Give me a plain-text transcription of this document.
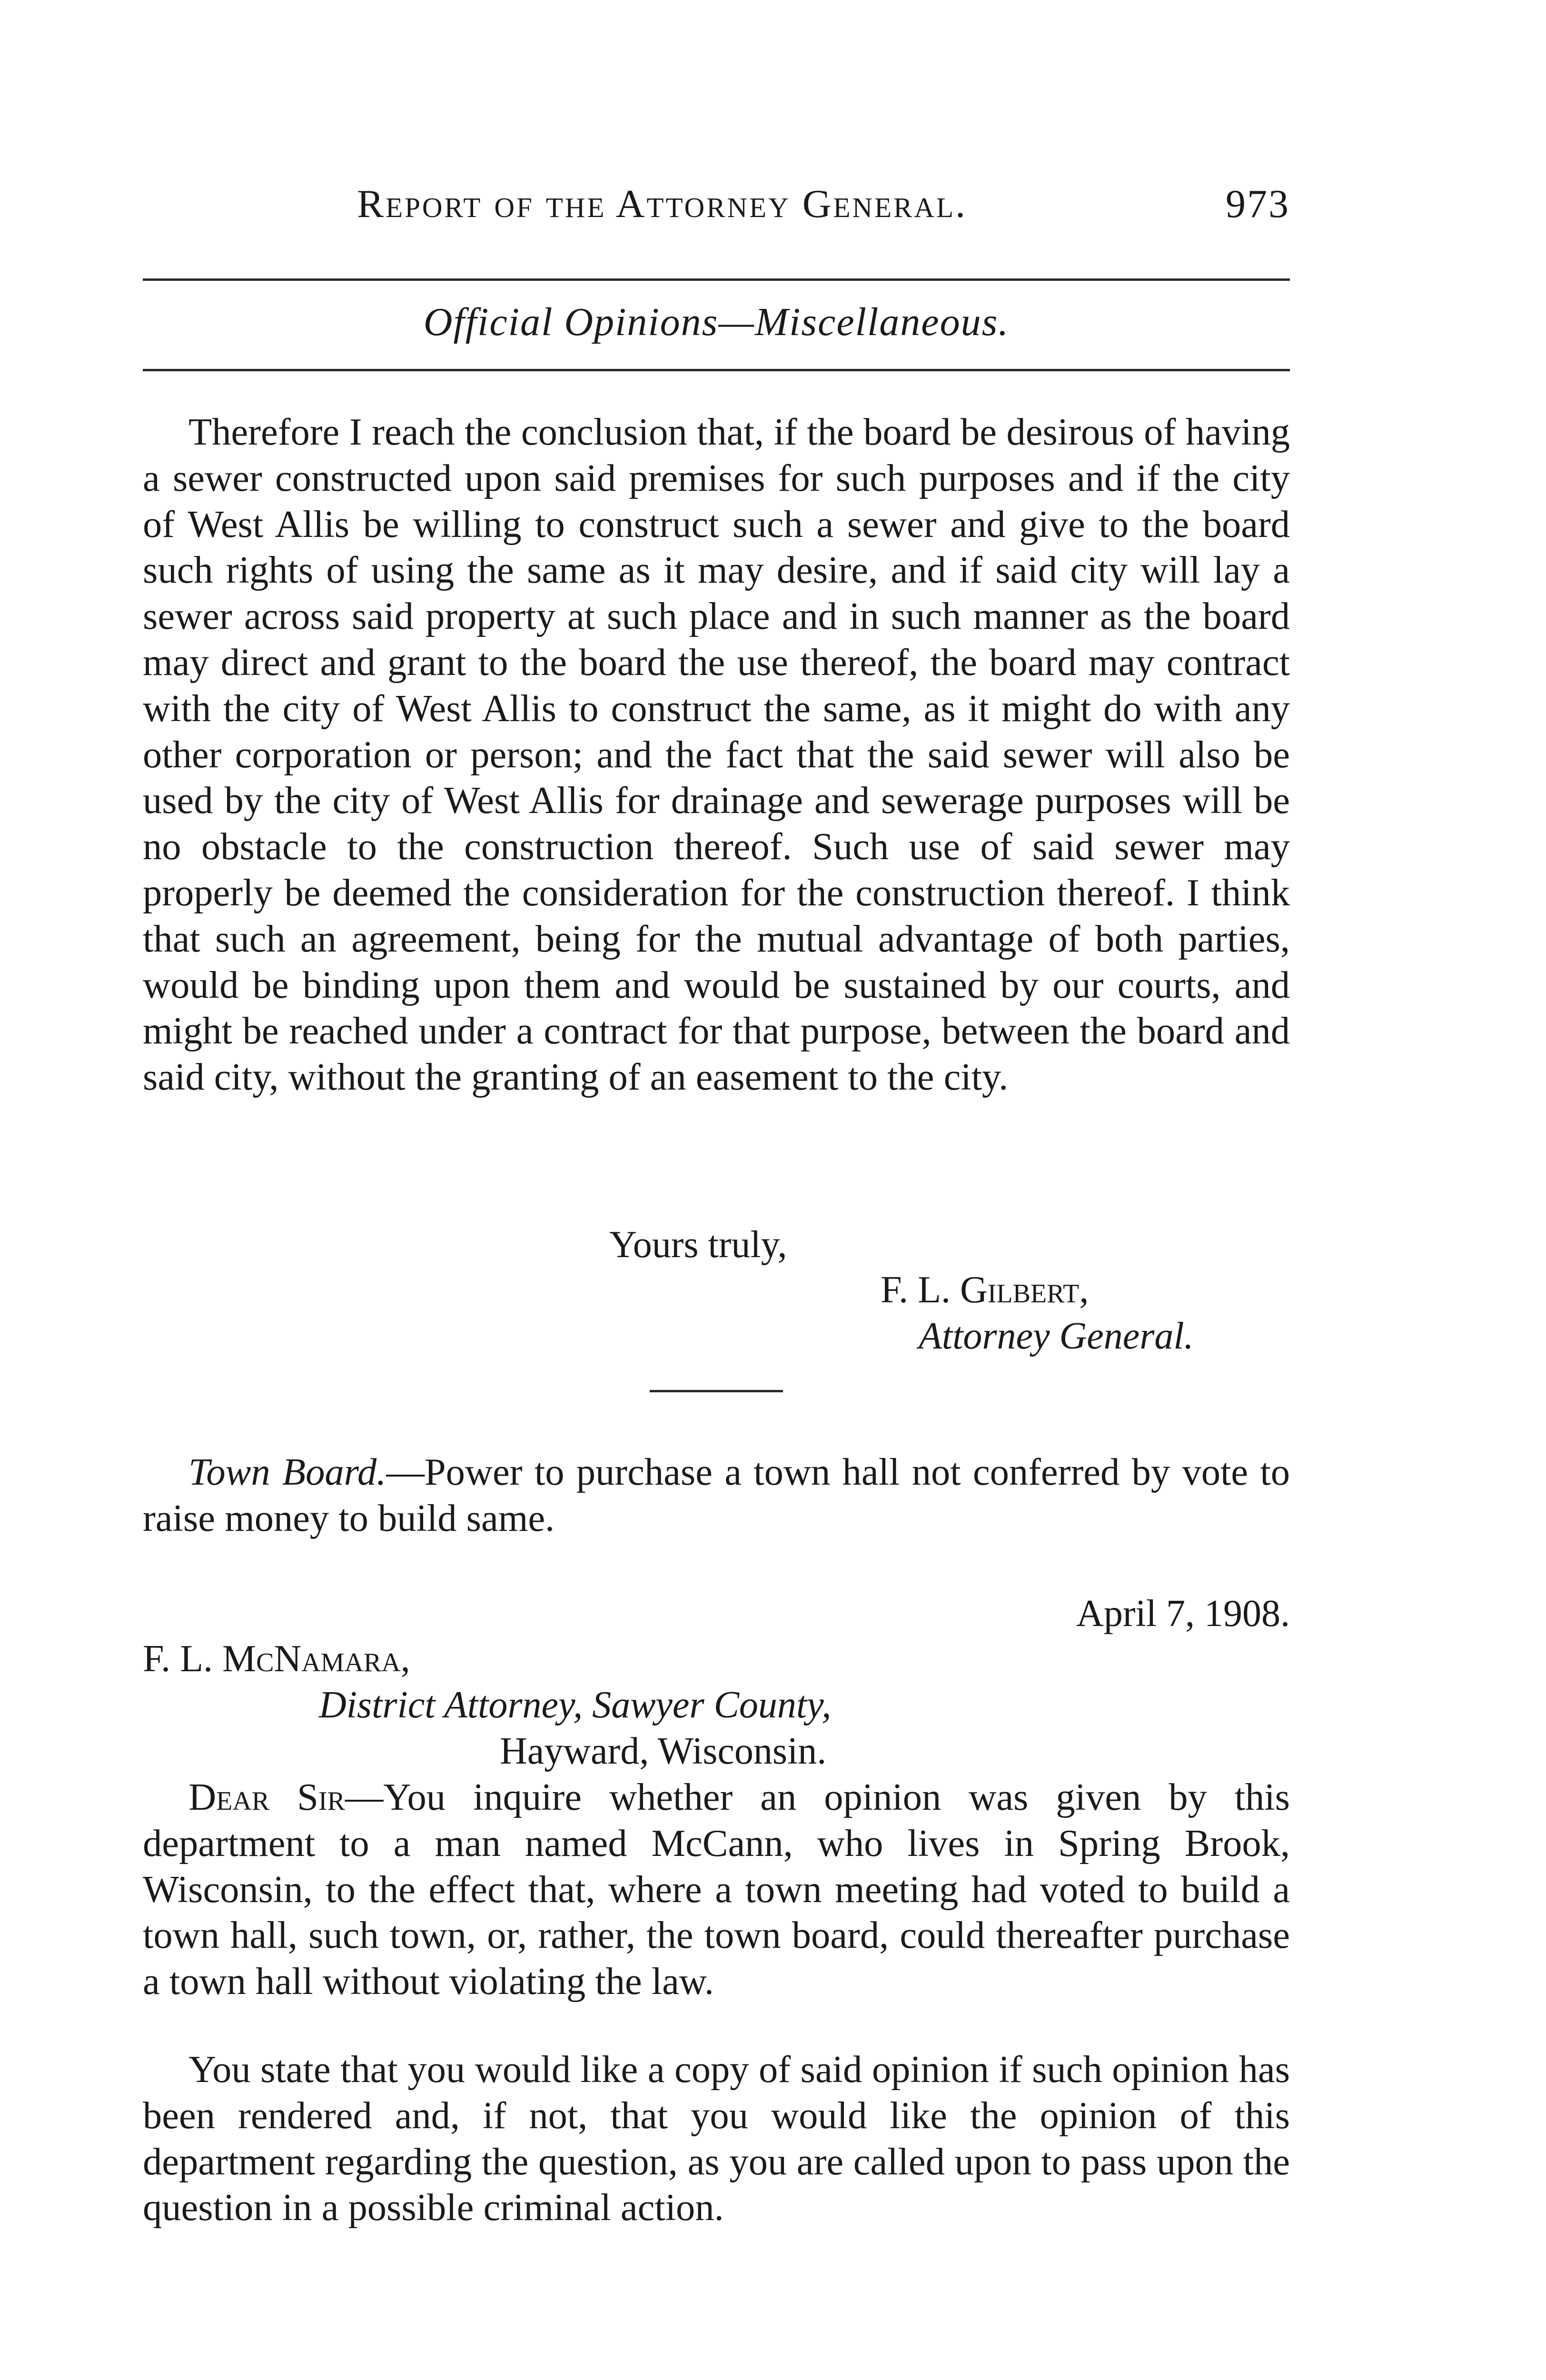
Report of the Attorney General.	973
Official Opinions—Miscellaneous.

Therefore I reach the conclusion that, if the board be desirous of having a sewer constructed upon said premises for such purposes and if the city of West Allis be willing to construct such a sewer and give to the board such rights of using the same as it may desire, and if said city will lay a sewer across said property at such place and in such manner as the board may direct and grant to the board the use thereof, the board may contract with the city of West Allis to construct the same, as it might do with any other corporation or person; and the fact that the said sewer will also be used by the city of West Allis for drainage and sewerage purposes will be no obstacle to the construction thereof. Such use of said sewer may properly be deemed the consideration for the construction thereof. I think that such an agreement, being for the mutual advantage of both parties, would be binding upon them and would be sustained by our courts, and might be reached under a contract for that purpose, between the board and said city, without the granting of an easement to the city.

Yours truly,
F. L. Gilbert,
Attorney General.

Town Board.—Power to purchase a town hall not conferred by vote to raise money to build same.

April 7, 1908.
F. L. McNamara,
District Attorney, Sawyer County,
Hayward, Wisconsin.

Dear Sir—You inquire whether an opinion was given by this department to a man named McCann, who lives in Spring Brook, Wisconsin, to the effect that, where a town meeting had voted to build a town hall, such town, or, rather, the town board, could thereafter purchase a town hall without violating the law.

You state that you would like a copy of said opinion if such opinion has been rendered and, if not, that you would like the opinion of this department regarding the question, as you are called upon to pass upon the question in a possible criminal action.
